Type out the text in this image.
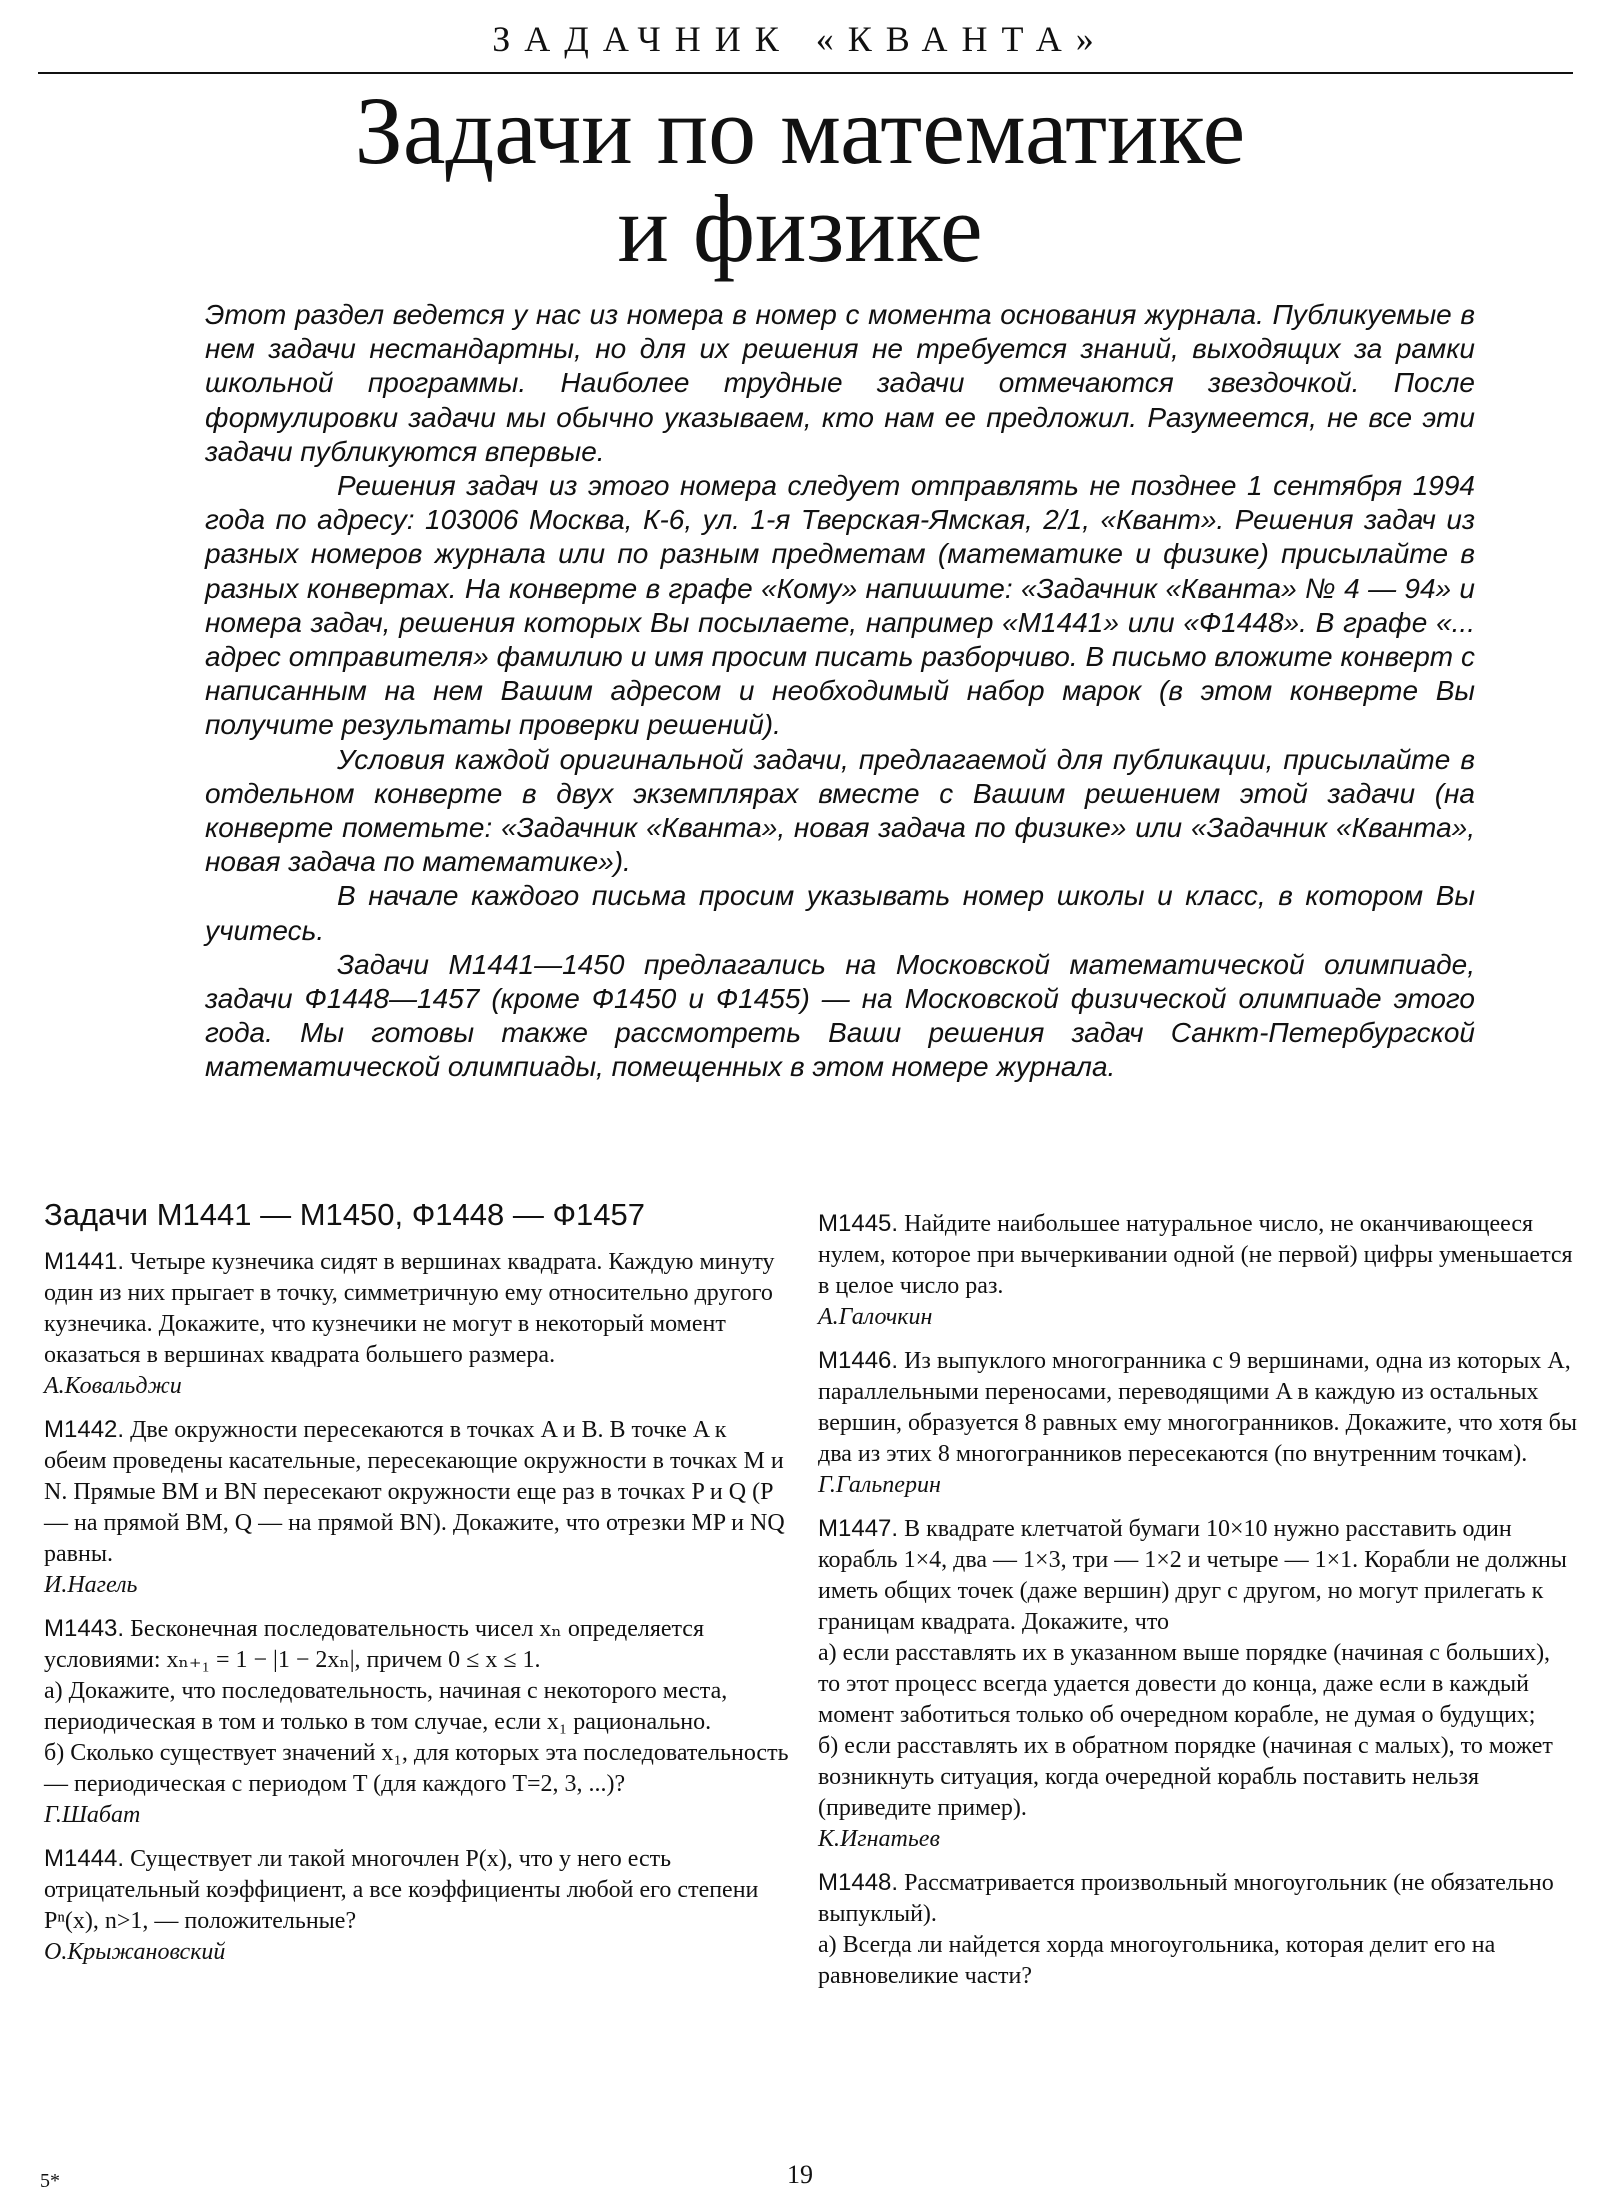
ЗАДАЧНИК «КВАНТА»
Задачи по математике
и физике

Этот раздел ведется у нас из номера в номер с момента основания журнала. Публикуемые в нем задачи нестандартны, но для их решения не требуется знаний, выходящих за рамки школьной программы. Наиболее трудные задачи отмечаются звездочкой. После формулировки задачи мы обычно указываем, кто нам ее предложил. Разумеется, не все эти задачи публикуются впервые.

Решения задач из этого номера следует отправлять не позднее 1 сентября 1994 года по адресу: 103006 Москва, К-6, ул. 1-я Тверская-Ямская, 2/1, «Квант». Решения задач из разных номеров журнала или по разным предметам (математике и физике) присылайте в разных конвертах. На конверте в графе «Кому» напишите: «Задачник «Кванта» № 4 — 94» и номера задач, решения которых Вы посылаете, например «М1441» или «Ф1448». В графе «... адрес отправителя» фамилию и имя просим писать разборчиво. В письмо вложите конверт с написанным на нем Вашим адресом и необходимый набор марок (в этом конверте Вы получите результаты проверки решений).

Условия каждой оригинальной задачи, предлагаемой для публикации, присылайте в отдельном конверте в двух экземплярах вместе с Вашим решением этой задачи (на конверте пометьте: «Задачник «Кванта», новая задача по физике» или «Задачник «Кванта», новая задача по математике»).

В начале каждого письма просим указывать номер школы и класс, в котором Вы учитесь.

Задачи М1441—1450 предлагались на Московской математической олимпиаде, задачи Ф1448—1457 (кроме Ф1450 и Ф1455) — на Московской физической олимпиаде этого года. Мы готовы также рассмотреть Ваши решения задач Санкт-Петербургской математической олимпиады, помещенных в этом номере журнала.

Задачи М1441 — М1450, Ф1448 — Ф1457
М1441. Четыре кузнечика сидят в вершинах квадрата. Каждую минуту один из них прыгает в точку, симметричную ему относительно другого кузнечика. Докажите, что кузнечики не могут в некоторый момент оказаться в вершинах квадрата большего размера.
А.Ковальджи
М1442. Две окружности пересекаются в точках A и B. В точке A к обеим проведены касательные, пересекающие окружности в точках M и N. Прямые BM и BN пересекают окружности еще раз в точках P и Q (P — на прямой BM, Q — на прямой BN). Докажите, что отрезки MP и NQ равны.
И.Нагель
М1443. Бесконечная последовательность чисел xₙ определяется условиями: xₙ₊₁ = 1 − |1 − 2xₙ|, причем 0 ≤ x ≤ 1.
а) Докажите, что последовательность, начиная с некоторого места, периодическая в том и только в том случае, если x₁ рационально.
б) Сколько существует значений x₁, для которых эта последовательность — периодическая с периодом T (для каждого T=2, 3, ...)?
Г.Шабат
М1444. Существует ли такой многочлен P(x), что у него есть отрицательный коэффициент, а все коэффициенты любой его степени Pⁿ(x), n>1, — положительные?
О.Крыжановский
М1445. Найдите наибольшее натуральное число, не оканчивающееся нулем, которое при вычеркивании одной (не первой) цифры уменьшается в целое число раз.
А.Галочкин
М1446. Из выпуклого многогранника с 9 вершинами, одна из которых A, параллельными переносами, переводящими A в каждую из остальных вершин, образуется 8 равных ему многогранников. Докажите, что хотя бы два из этих 8 многогранников пересекаются (по внутренним точкам).
Г.Гальперин
М1447. В квадрате клетчатой бумаги 10×10 нужно расставить один корабль 1×4, два — 1×3, три — 1×2 и четыре — 1×1. Корабли не должны иметь общих точек (даже вершин) друг с другом, но могут прилегать к границам квадрата. Докажите, что
а) если расставлять их в указанном выше порядке (начиная с больших), то этот процесс всегда удается довести до конца, даже если в каждый момент заботиться только об очередном корабле, не думая о будущих;
б) если расставлять их в обратном порядке (начиная с малых), то может возникнуть ситуация, когда очередной корабль поставить нельзя (приведите пример).
К.Игнатьев
М1448. Рассматривается произвольный многоугольник (не обязательно выпуклый).
а) Всегда ли найдется хорда многоугольника, которая делит его на равновеликие части?
5*	19
